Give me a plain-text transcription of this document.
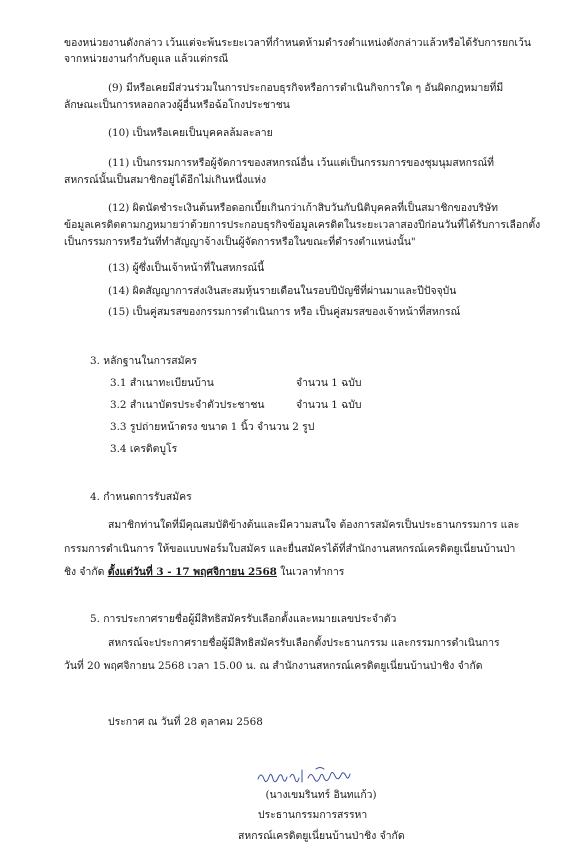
ของหน่วยงานดังกล่าว เว้นแต่จะพ้นระยะเวลาที่กำหนดห้ามดำรงตำแหน่งดังกล่าวแล้วหรือได้รับการยกเว้น
จากหน่วยงานกำกับดูแล แล้วแต่กรณี
(9) มีหรือเคยมีส่วนร่วมในการประกอบธุรกิจหรือการดำเนินกิจการใด ๆ อันผิดกฎหมายที่มี
ลักษณะเป็นการหลอกลวงผู้อื่นหรือฉ้อโกงประชาชน
(10) เป็นหรือเคยเป็นบุคคลล้มละลาย
(11) เป็นกรรมการหรือผู้จัดการของสหกรณ์อื่น เว้นแต่เป็นกรรมการของชุมนุมสหกรณ์ที่
สหกรณ์นั้นเป็นสมาชิกอยู่ได้อีกไม่เกินหนึ่งแห่ง
(12) ผิดนัดชำระเงินต้นหรือดอกเบี้ยเกินกว่าเก้าสิบวันกับนิติบุคคลที่เป็นสมาชิกของบริษัท
ข้อมูลเครดิตตามกฎหมายว่าด้วยการประกอบธุรกิจข้อมูลเครดิตในระยะเวลาสองปีก่อนวันที่ได้รับการเลือกตั้ง
เป็นกรรมการหรือวันที่ทำสัญญาจ้างเป็นผู้จัดการหรือในขณะที่ดำรงตำแหน่งนั้น"
(13) ผู้ซึ่งเป็นเจ้าหน้าที่ในสหกรณ์นี้
(14) ผิดสัญญาการส่งเงินสะสมหุ้นรายเดือนในรอบปีบัญชีที่ผ่านมาและปีปัจจุบัน
(15) เป็นคู่สมรสของกรรมการดำเนินการ หรือ เป็นคู่สมรสของเจ้าหน้าที่สหกรณ์
3. หลักฐานในการสมัคร
3.1 สำเนาทะเบียนบ้าน	จำนวน 1 ฉบับ
3.2 สำเนาบัตรประจำตัวประชาชน	จำนวน 1 ฉบับ
3.3 รูปถ่ายหน้าตรง ขนาด 1 นิ้ว จำนวน 2 รูป
3.4 เครดิตบูโร
4. กำหนดการรับสมัคร
สมาชิกท่านใดที่มีคุณสมบัติข้างต้นและมีความสนใจ ต้องการสมัครเป็นประธานกรรมการ และ
กรรมการดำเนินการ ให้ขอแบบฟอร์มใบสมัคร และยื่นสมัครได้ที่สำนักงานสหกรณ์เครดิตยูเนี่ยนบ้านป่า
ชิง จำกัด ตั้งแต่วันที่ 3 - 17 พฤศจิกายน 2568 ในเวลาทำการ
5. การประกาศรายชื่อผู้มีสิทธิสมัครรับเลือกตั้งและหมายเลขประจำตัว
สหกรณ์จะประกาศรายชื่อผู้มีสิทธิสมัครรับเลือกตั้งประธานกรรม และกรรมการดำเนินการ
วันที่ 20 พฤศจิกายน 2568 เวลา 15.00 น. ณ สำนักงานสหกรณ์เครดิตยูเนี่ยนบ้านป่าชิง จำกัด
ประกาศ ณ วันที่ 28 ตุลาคม 2568
(นางเขมรินทร์ อินทแก้ว)
ประธานกรรมการสรรหา
สหกรณ์เครดิตยูเนี่ยนบ้านป่าชิง จำกัด
